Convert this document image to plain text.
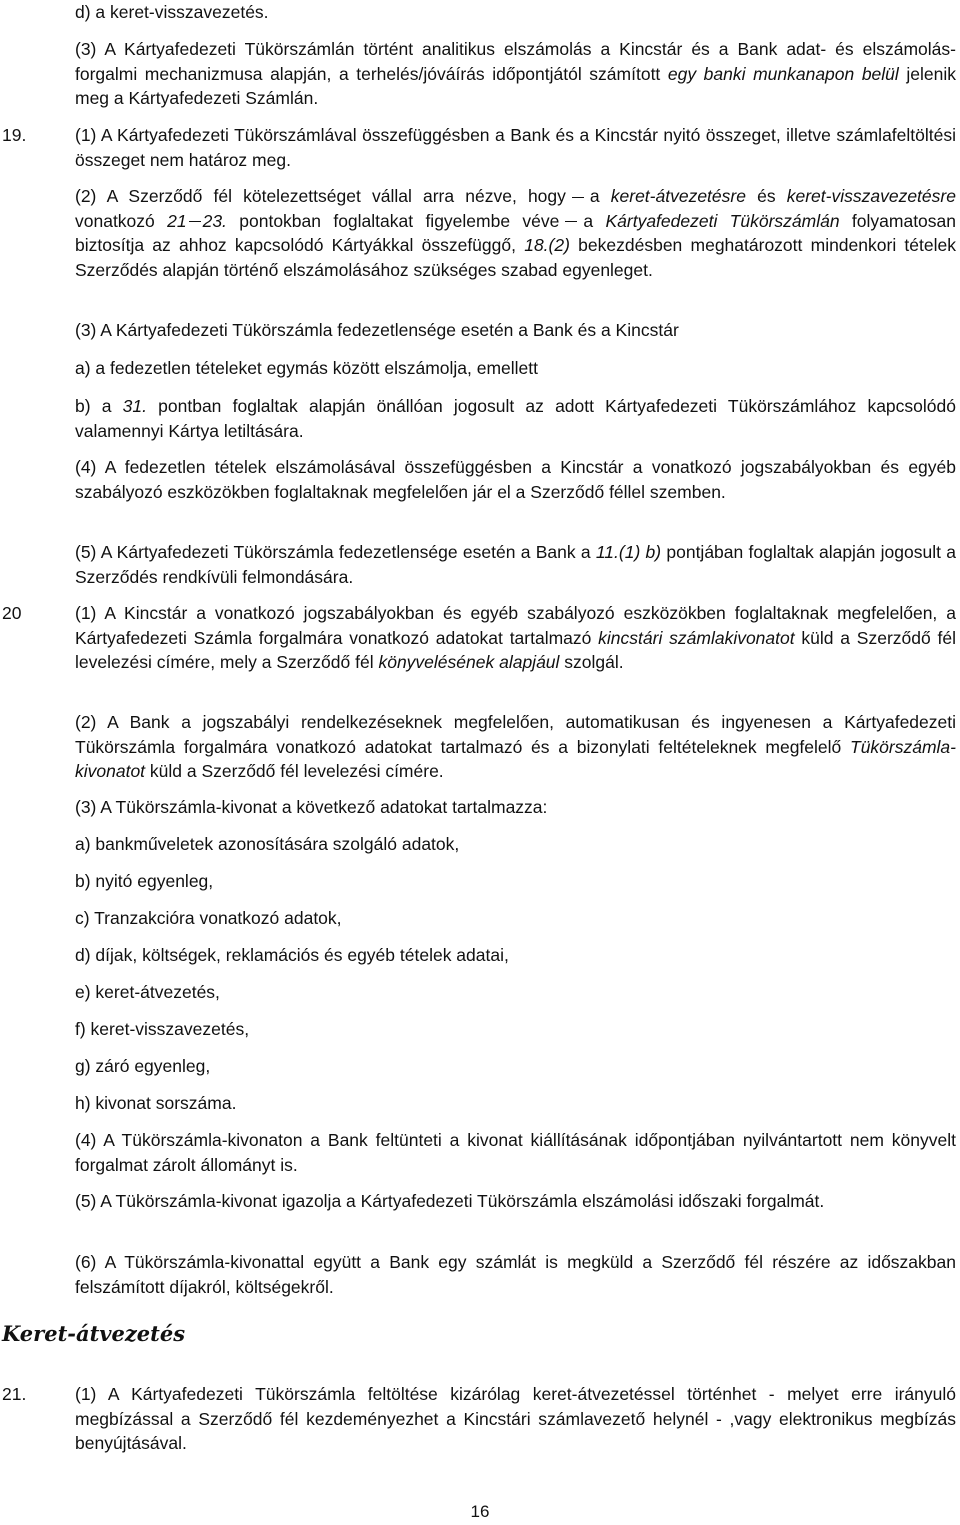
d) a keret-visszavezetés.
(3) A Kártyafedezeti Tükörszámlán történt analitikus elszámolás a Kincstár és a Bank adat- és elszámolás-forgalmi mechanizmusa alapján, a terhelés/jóváírás időpontjától számított egy banki munkanapon belül jelenik meg a Kártyafedezeti Számlán.
19.	(1) A Kártyafedezeti Tükörszámlával összefüggésben a Bank és a Kincstár nyitó összeget, illetve számlafeltöltési összeget nem határoz meg.
(2) A Szerződő fél kötelezettséget vállal arra nézve, hogy a keret-átvezetésre és keret-visszavezetésre vonatkozó 21 23. pontokban foglaltakat figyelembe véve a Kártyafedezeti Tükörszámlán folyamatosan biztosítja az ahhoz kapcsolódó Kártyákkal összefüggő, 18.(2) bekezdésben meghatározott mindenkori tételek Szerződés alapján történő elszámolásához szükséges szabad egyenleget.
(3) A Kártyafedezeti Tükörszámla fedezetlensége esetén a Bank és a Kincstár
a) a fedezetlen tételeket egymás között elszámolja, emellett
b) a 31. pontban foglaltak alapján önállóan jogosult az adott Kártyafedezeti Tükörszámlához kapcsolódó valamennyi Kártya letiltására.
(4) A fedezetlen tételek elszámolásával összefüggésben a Kincstár a vonatkozó jogszabályokban és egyéb szabályozó eszközökben foglaltaknak megfelelően jár el a Szerződő féllel szemben.
(5) A Kártyafedezeti Tükörszámla fedezetlensége esetén a Bank a 11.(1) b) pontjában foglaltak alapján jogosult a Szerződés rendkívüli felmondására.
20	(1) A Kincstár a vonatkozó jogszabályokban és egyéb szabályozó eszközökben foglaltaknak megfelelően, a Kártyafedezeti Számla forgalmára vonatkozó adatokat tartalmazó kincstári számlakivonatot küld a Szerződő fél levelezési címére, mely a Szerződő fél könyvelésének alapjául szolgál.
(2) A Bank a jogszabályi rendelkezéseknek megfelelően, automatikusan és ingyenesen a Kártyafedezeti Tükörszámla forgalmára vonatkozó adatokat tartalmazó és a bizonylati feltételeknek megfelelő Tükörszámla-kivonatot küld a Szerződő fél levelezési címére.
(3) A Tükörszámla-kivonat a következő adatokat tartalmazza:
a) bankműveletek azonosítására szolgáló adatok,
b) nyitó egyenleg,
c) Tranzakcióra vonatkozó adatok,
d) díjak, költségek, reklamációs és egyéb tételek adatai,
e) keret-átvezetés,
f) keret-visszavezetés,
g) záró egyenleg,
h) kivonat sorszáma.
(4) A Tükörszámla-kivonaton a Bank feltünteti a kivonat kiállításának időpontjában nyilvántartott nem könyvelt forgalmat zárolt állományt is.
(5) A Tükörszámla-kivonat igazolja a Kártyafedezeti Tükörszámla elszámolási időszaki forgalmát.
(6) A Tükörszámla-kivonattal együtt a Bank egy számlát is megküld a Szerződő fél részére az időszakban felszámított díjakról, költségekről.
Keret-átvezetés
21.	(1) A Kártyafedezeti Tükörszámla feltöltése kizárólag keret-átvezetéssel történhet - melyet erre irányuló megbízással a Szerződő fél kezdeményezhet a Kincstári számlavezető helynél - ,vagy elektronikus megbízás benyújtásával.
16
